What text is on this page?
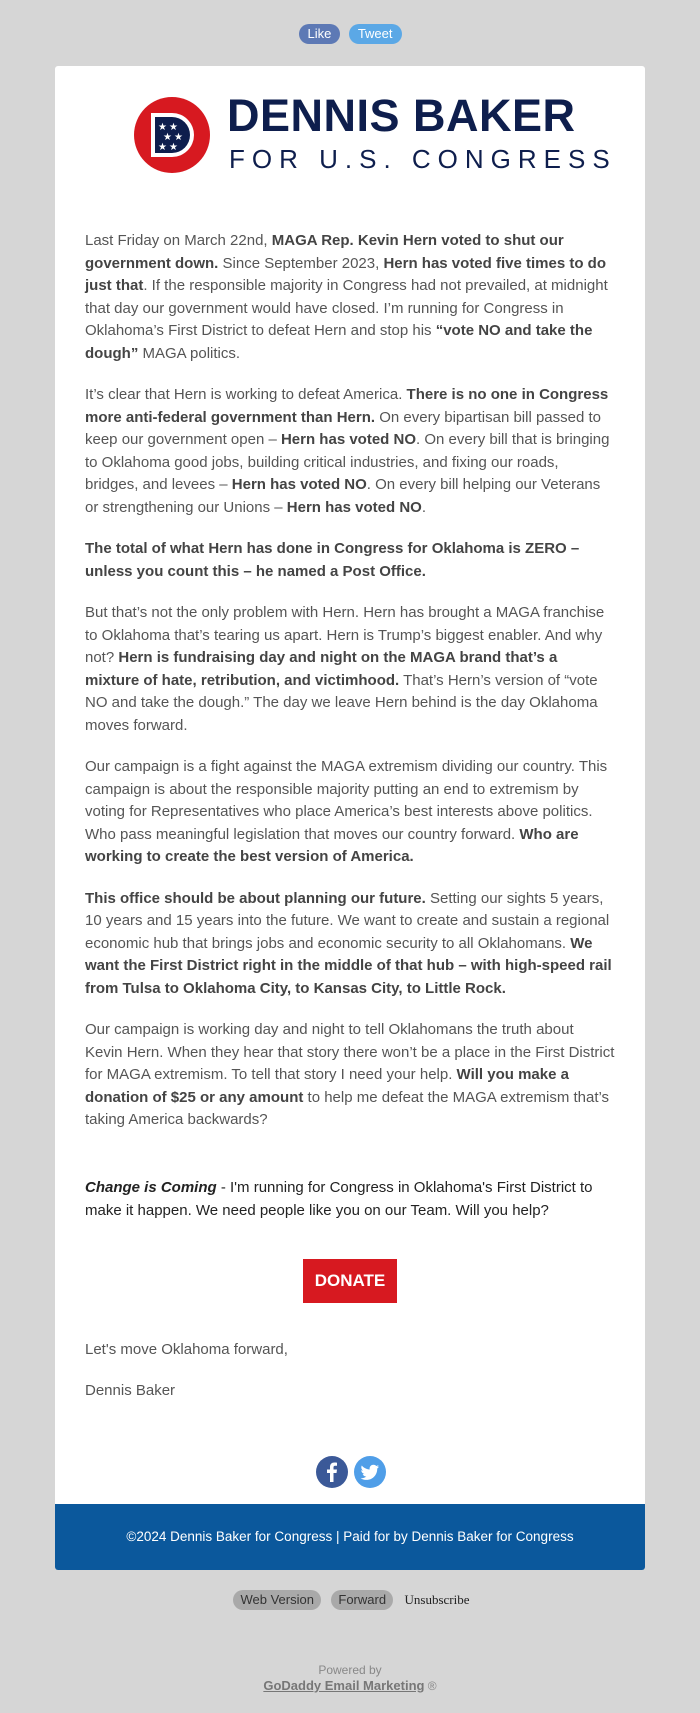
Like Tweet
★ ★
★ ★
★ ★
DENNIS BAKER
FOR U.S. CONGRESS

Last Friday on March 22nd, MAGA Rep. Kevin Hern voted to shut our government down. Since September 2023, Hern has voted five times to do just that. If the responsible majority in Congress had not prevailed, at midnight that day our government would have closed. I’m running for Congress in Oklahoma’s First District to defeat Hern and stop his “vote NO and take the dough” MAGA politics.

It’s clear that Hern is working to defeat America. There is no one in Congress more anti-federal government than Hern. On every bipartisan bill passed to keep our government open – Hern has voted NO. On every bill that is bringing to Oklahoma good jobs, building critical industries, and fixing our roads, bridges, and levees – Hern has voted NO. On every bill helping our Veterans or strengthening our Unions – Hern has voted NO.

The total of what Hern has done in Congress for Oklahoma is ZERO – unless you count this – he named a Post Office.

But that’s not the only problem with Hern. Hern has brought a MAGA franchise to Oklahoma that’s tearing us apart. Hern is Trump’s biggest enabler. And why not? Hern is fundraising day and night on the MAGA brand that’s a mixture of hate, retribution, and victimhood. That’s Hern’s version of “vote NO and take the dough.” The day we leave Hern behind is the day Oklahoma moves forward.

Our campaign is a fight against the MAGA extremism dividing our country. This campaign is about the responsible majority putting an end to extremism by voting for Representatives who place America’s best interests above politics. Who pass meaningful legislation that moves our country forward. Who are working to create the best version of America.

This office should be about planning our future. Setting our sights 5 years, 10 years and 15 years into the future. We want to create and sustain a regional economic hub that brings jobs and economic security to all Oklahomans. We want the First District right in the middle of that hub – with high-speed rail from Tulsa to Oklahoma City, to Kansas City, to Little Rock.

Our campaign is working day and night to tell Oklahomans the truth about Kevin Hern. When they hear that story there won’t be a place in the First District for MAGA extremism. To tell that story I need your help. Will you make a donation of $25 or any amount to help me defeat the MAGA extremism that’s taking America backwards?

Change is Coming - I'm running for Congress in Oklahoma's First District to make it happen. We need people like you on our Team. Will you help?
DONATE
Let's move Oklahoma forward,
Dennis Baker

©2024 Dennis Baker for Congress | Paid for by Dennis Baker for Congress
Web Version Forward Unsubscribe
Powered by
GoDaddy Email Marketing ®
